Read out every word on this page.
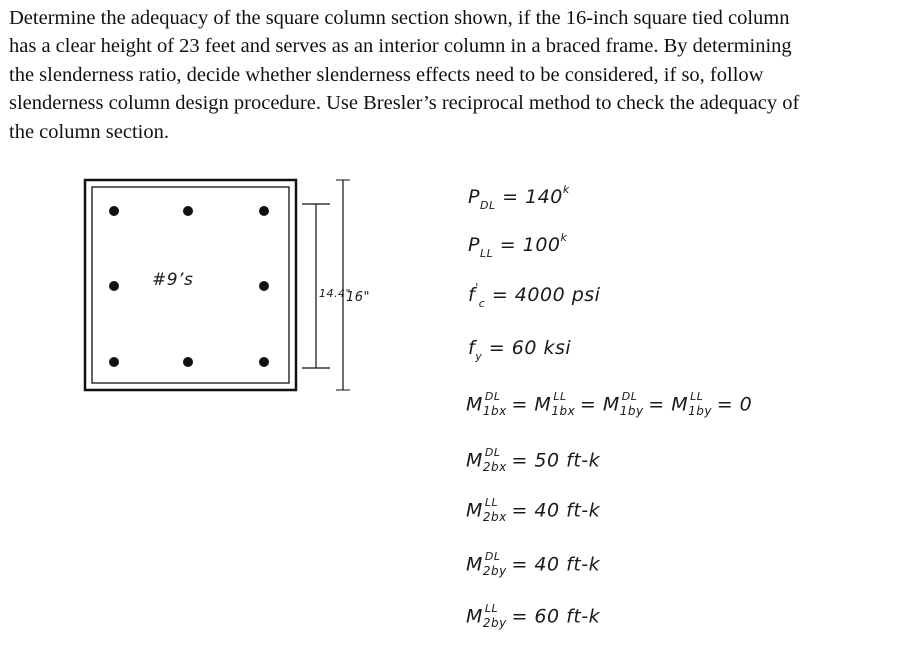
Determine the adequacy of the square column section shown, if the 16-inch square tied column
has a clear height of 23 feet and serves as an interior column in a braced frame. By determining
the slenderness ratio, decide whether slenderness effects need to be considered, if so, follow
slenderness column design procedure. Use Bresler’s reciprocal method to check the adequacy of
the column section.
#9’s
14.4"
16"
$P_{DL} = 140^k$
$P_{LL} = 100^k$
$f'_c = 4000$ psi
$f_y = 60$ ksi
M DL
1bx = M LL
1bx = M DL
1by = M LL
1by = 0
M DL
2bx = 50 ft-k
M LL
2bx = 40 ft-k
M DL
2by = 40 ft-k
M LL
2by = 60 ft-k
